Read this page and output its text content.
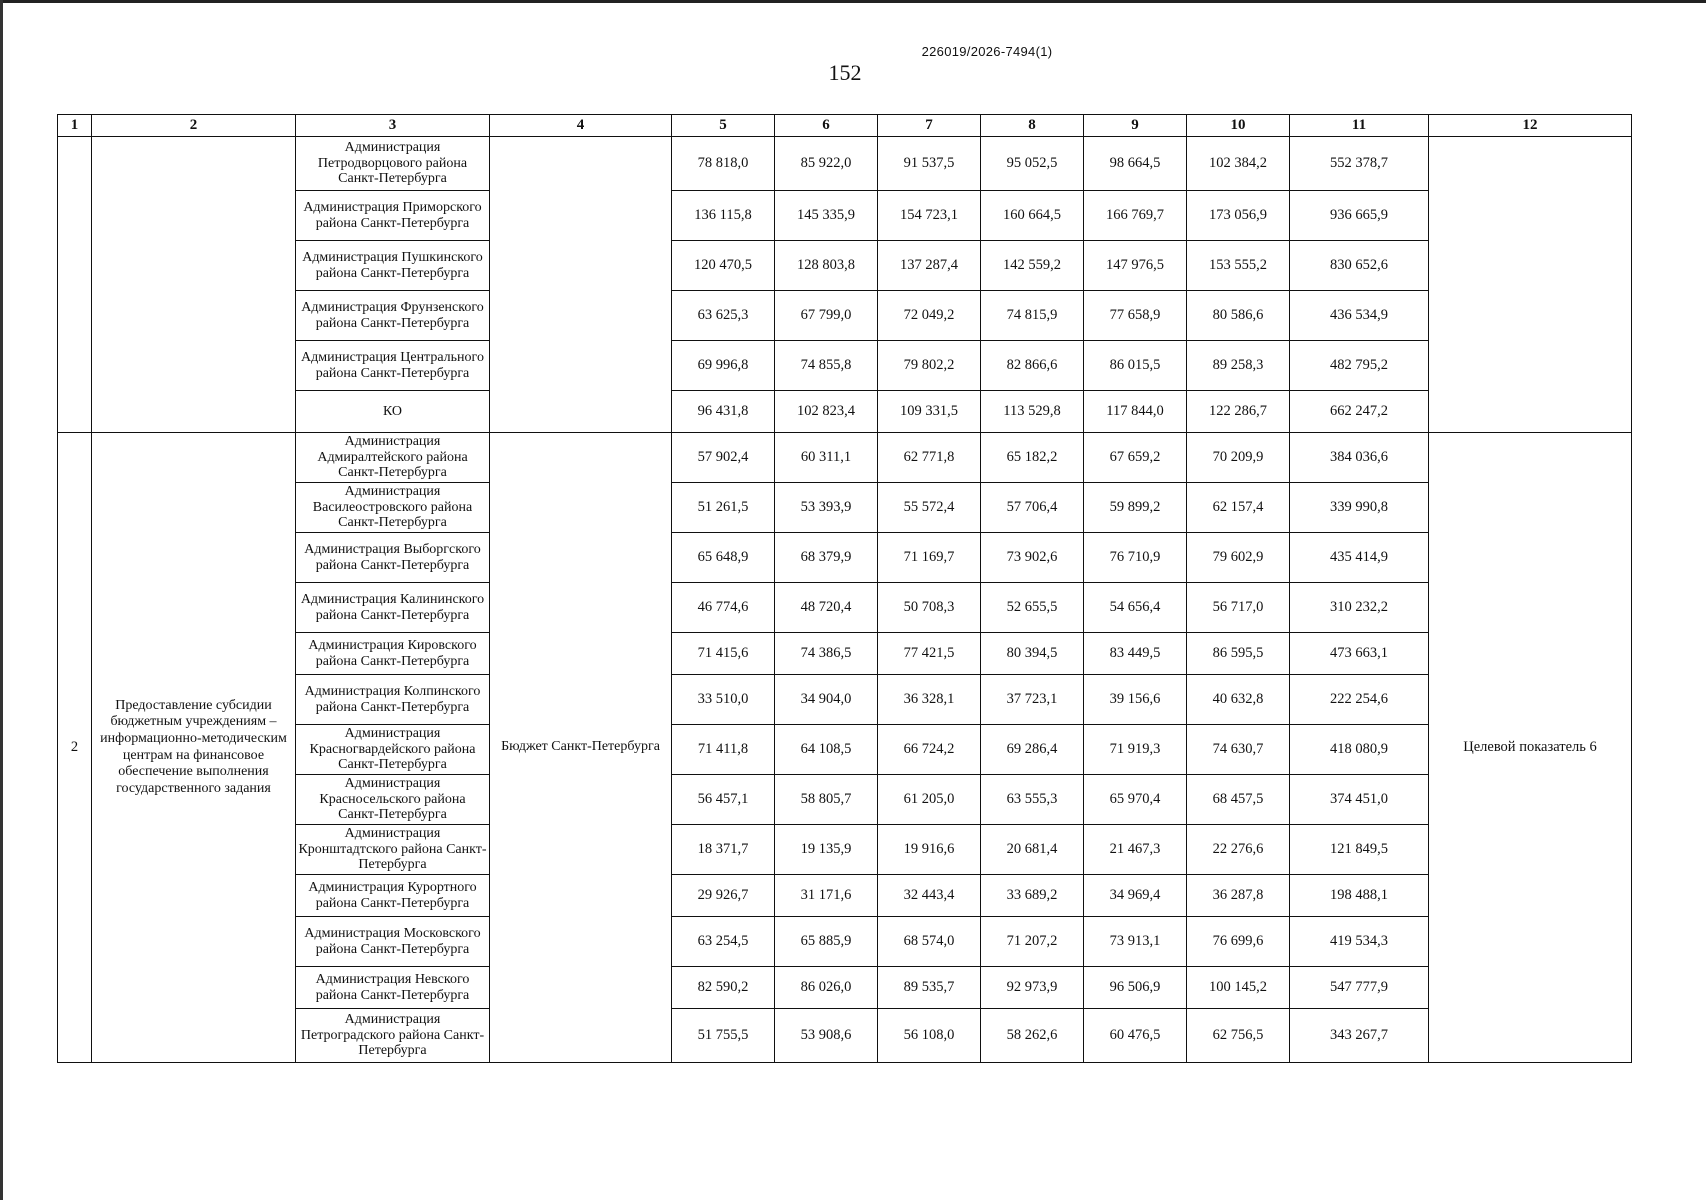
226019/2026-7494(1)
152
1	2	3	4	5	6	7	8	9	10	11	12
		Администрация Петродворцового района Санкт-Петербурга		78 818,0	85 922,0	91 537,5	95 052,5	98 664,5	102 384,2	552 378,7	
		Администрация Приморского района Санкт-Петербурга		136 115,8	145 335,9	154 723,1	160 664,5	166 769,7	173 056,9	936 665,9	
		Администрация Пушкинского района Санкт-Петербурга		120 470,5	128 803,8	137 287,4	142 559,2	147 976,5	153 555,2	830 652,6	
		Администрация Фрунзенского района Санкт-Петербурга		63 625,3	67 799,0	72 049,2	74 815,9	77 658,9	80 586,6	436 534,9	
		Администрация Центрального района Санкт-Петербурга		69 996,8	74 855,8	79 802,2	82 866,6	86 015,5	89 258,3	482 795,2	
		КО		96 431,8	102 823,4	109 331,5	113 529,8	117 844,0	122 286,7	662 247,2	
2	Предоставление субсидии бюджетным учреждениям – информационно-методическим центрам на финансовое обеспечение выполнения государственного задания	Администрация Адмиралтейского района Санкт-Петербурга	Бюджет Санкт-Петербурга	57 902,4	60 311,1	62 771,8	65 182,2	67 659,2	70 209,9	384 036,6	Целевой показатель 6
		Администрация Василеостровского района Санкт-Петербурга		51 261,5	53 393,9	55 572,4	57 706,4	59 899,2	62 157,4	339 990,8	
		Администрация Выборгского района Санкт-Петербурга		65 648,9	68 379,9	71 169,7	73 902,6	76 710,9	79 602,9	435 414,9	
		Администрация Калининского района Санкт-Петербурга		46 774,6	48 720,4	50 708,3	52 655,5	54 656,4	56 717,0	310 232,2	
		Администрация Кировского района Санкт-Петербурга		71 415,6	74 386,5	77 421,5	80 394,5	83 449,5	86 595,5	473 663,1	
		Администрация Колпинского района Санкт-Петербурга		33 510,0	34 904,0	36 328,1	37 723,1	39 156,6	40 632,8	222 254,6	
		Администрация Красногвардейского района Санкт-Петербурга		71 411,8	64 108,5	66 724,2	69 286,4	71 919,3	74 630,7	418 080,9	
		Администрация Красносельского района Санкт-Петербурга		56 457,1	58 805,7	61 205,0	63 555,3	65 970,4	68 457,5	374 451,0	
		Администрация Кронштадтского района Санкт-Петербурга		18 371,7	19 135,9	19 916,6	20 681,4	21 467,3	22 276,6	121 849,5	
		Администрация Курортного района Санкт-Петербурга		29 926,7	31 171,6	32 443,4	33 689,2	34 969,4	36 287,8	198 488,1	
		Администрация Московского района Санкт-Петербурга		63 254,5	65 885,9	68 574,0	71 207,2	73 913,1	76 699,6	419 534,3	
		Администрация Невского района Санкт-Петербурга		82 590,2	86 026,0	89 535,7	92 973,9	96 506,9	100 145,2	547 777,9	
		Администрация Петроградского района Санкт-Петербурга		51 755,5	53 908,6	56 108,0	58 262,6	60 476,5	62 756,5	343 267,7	
